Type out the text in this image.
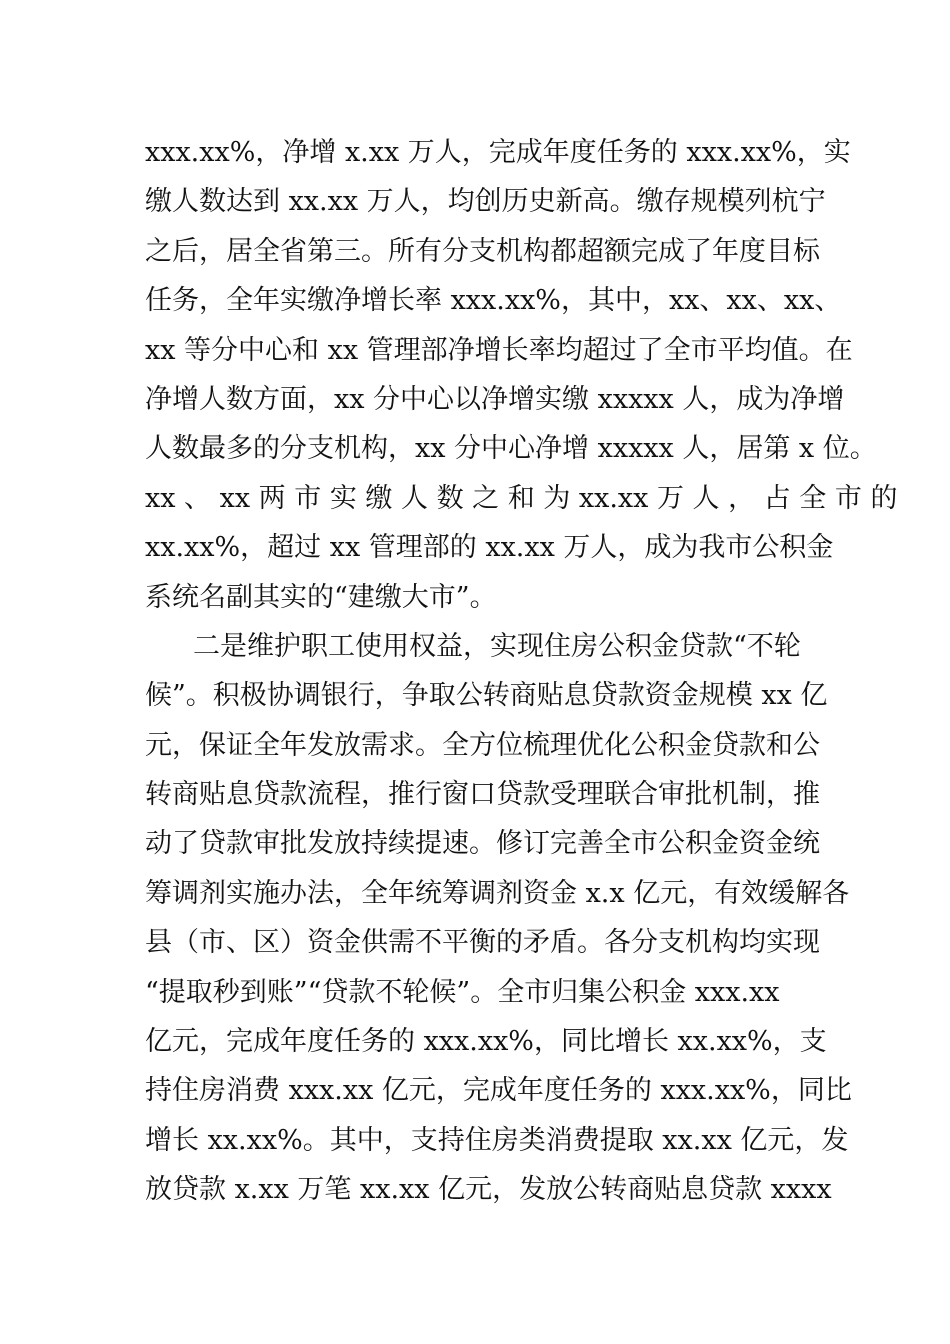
xxx.xx%，净增 x.xx 万人，完成年度任务的 xxx.xx%，实
缴人数达到 xx.xx 万人，均创历史新高。缴存规模列杭宁
之后，居全省第三。所有分支机构都超额完成了年度目标
任务，全年实缴净增长率 xxx.xx%，其中，xx、xx、xx、
xx 等分中心和 xx 管理部净增长率均超过了全市平均值。在
净增人数方面，xx 分中心以净增实缴 xxxxx 人，成为净增
人数最多的分支机构，xx 分中心净增 xxxxx 人，居第 x 位。
xx 、 xx 两 市 实 缴 人 数 之 和 为 xx.xx 万 人 ， 占 全 市 的
xx.xx%，超过 xx 管理部的 xx.xx 万人，成为我市公积金
系统名副其实的“建缴大市”。
二是维护职工使用权益，实现住房公积金贷款“不轮
候”。积极协调银行，争取公转商贴息贷款资金规模 xx 亿
元，保证全年发放需求。全方位梳理优化公积金贷款和公
转商贴息贷款流程，推行窗口贷款受理联合审批机制，推
动了贷款审批发放持续提速。修订完善全市公积金资金统
筹调剂实施办法，全年统筹调剂资金 x.x 亿元，有效缓解各
县（市、区）资金供需不平衡的矛盾。各分支机构均实现
“提取秒到账”“贷款不轮候”。全市归集公积金 xxx.xx
亿元，完成年度任务的 xxx.xx%，同比增长 xx.xx%，支
持住房消费 xxx.xx 亿元，完成年度任务的 xxx.xx%，同比
增长 xx.xx%。其中，支持住房类消费提取 xx.xx 亿元，发
放贷款 x.xx 万笔 xx.xx 亿元，发放公转商贴息贷款 xxxx
